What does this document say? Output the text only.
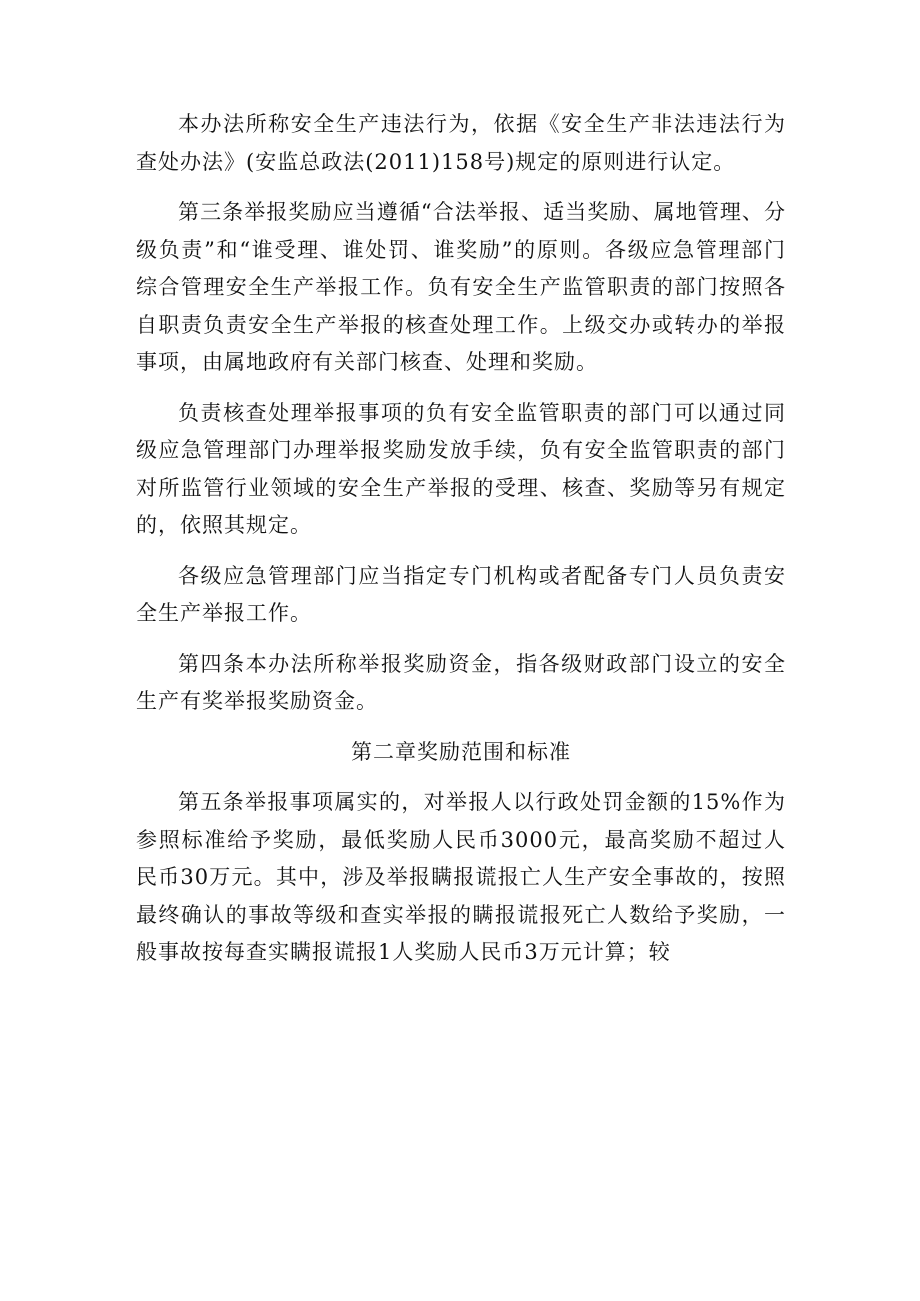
本办法所称安全生产违法行为，依据《安全生产非法违法行为查处办法》(安监总政法(2011)158号)规定的原则进行认定。

第三条举报奖励应当遵循“合法举报、适当奖励、属地管理、分级负责”和“谁受理、谁处罚、谁奖励”的原则。各级应急管理部门综合管理安全生产举报工作。负有安全生产监管职责的部门按照各自职责负责安全生产举报的核查处理工作。上级交办或转办的举报事项，由属地政府有关部门核查、处理和奖励。

负责核查处理举报事项的负有安全监管职责的部门可以通过同级应急管理部门办理举报奖励发放手续，负有安全监管职责的部门对所监管行业领域的安全生产举报的受理、核查、奖励等另有规定的，依照其规定。

各级应急管理部门应当指定专门机构或者配备专门人员负责安全生产举报工作。

第四条本办法所称举报奖励资金，指各级财政部门设立的安全生产有奖举报奖励资金。

第二章奖励范围和标准

第五条举报事项属实的，对举报人以行政处罚金额的15%作为参照标准给予奖励，最低奖励人民币3000元，最高奖励不超过人民币30万元。其中，涉及举报瞒报谎报亡人生产安全事故的，按照最终确认的事故等级和查实举报的瞒报谎报死亡人数给予奖励，一般事故按每查实瞒报谎报1人奖励人民币3万元计算；较
